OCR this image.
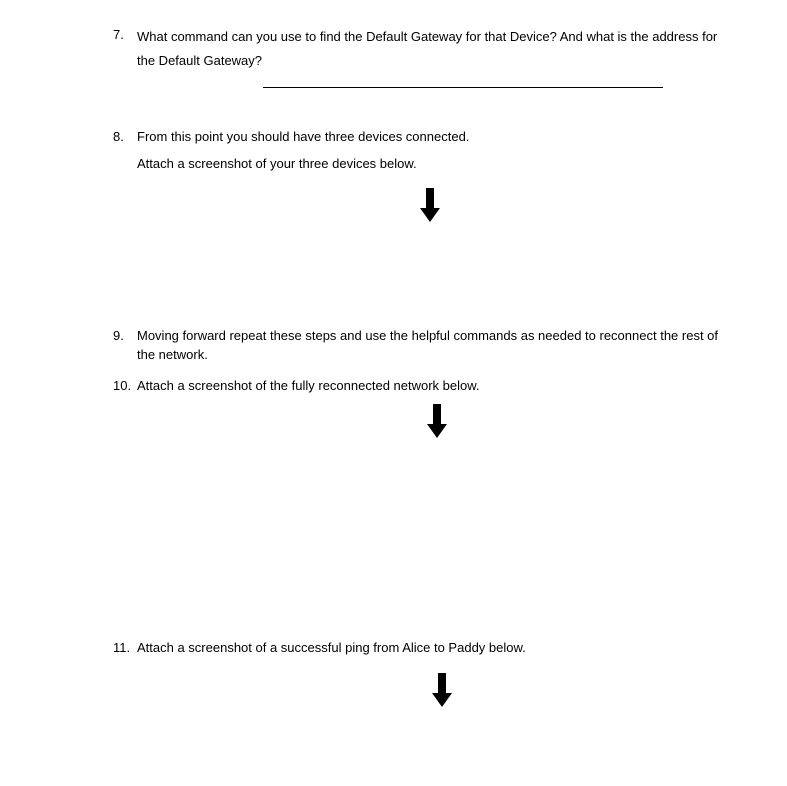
7.	What command can you use to find the Default Gateway for that Device? And what is the address for the Default Gateway?
8.	From this point you should have three devices connected.
Attach a screenshot of your three devices below.
9.	Moving forward repeat these steps and use the helpful commands as needed to reconnect the rest of the network.
10. Attach a screenshot of the fully reconnected network below.
11. Attach a screenshot of a successful ping from Alice to Paddy below.
